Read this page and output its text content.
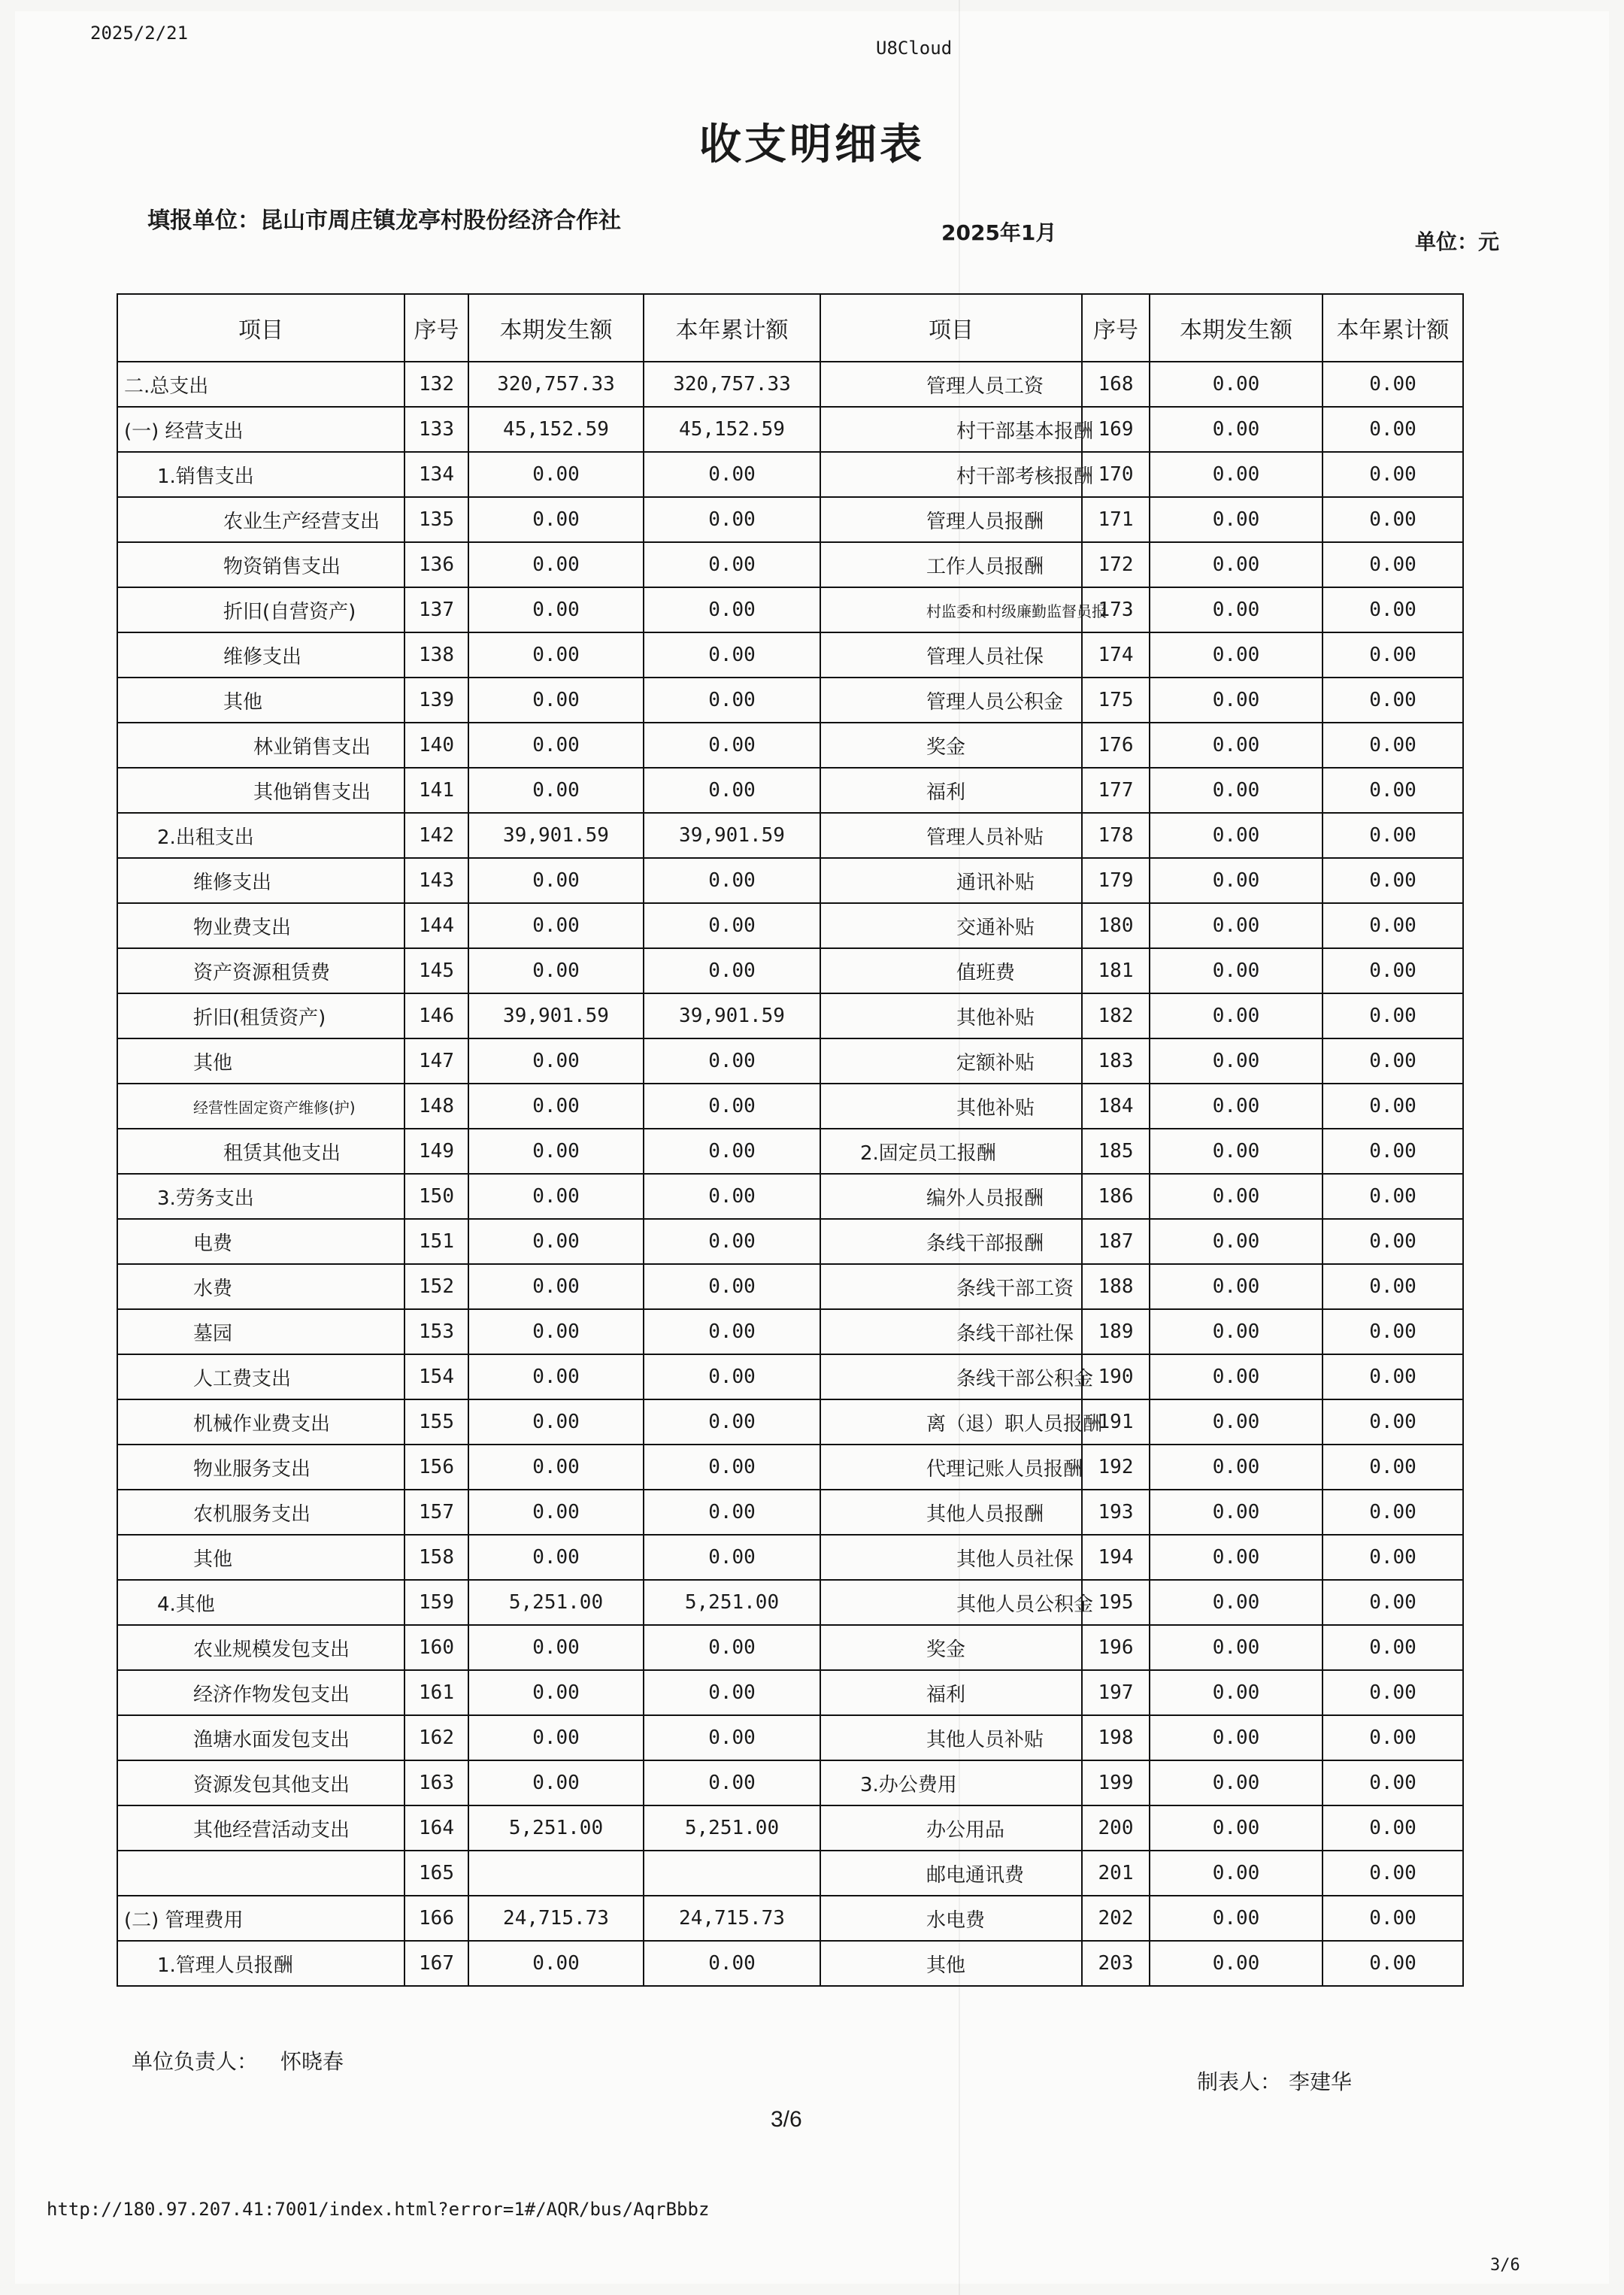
2025/2/21
U8Cloud
收支明细表
填报单位：昆山市周庄镇龙亭村股份经济合作社	2025年1月	单位：元
项目	序号	本期发生额	本年累计额	项目	序号	本期发生额	本年累计额
二.总支出	132	320,757.33	320,757.33	管理人员工资	168	0.00	0.00
(一) 经营支出	133	45,152.59	45,152.59	村干部基本报酬	169	0.00	0.00
1.销售支出	134	0.00	0.00	村干部考核报酬	170	0.00	0.00
农业生产经营支出	135	0.00	0.00	管理人员报酬	171	0.00	0.00
物资销售支出	136	0.00	0.00	工作人员报酬	172	0.00	0.00
折旧(自营资产)	137	0.00	0.00	村监委和村级廉勤监督员报	173	0.00	0.00
维修支出	138	0.00	0.00	管理人员社保	174	0.00	0.00
其他	139	0.00	0.00	管理人员公积金	175	0.00	0.00
林业销售支出	140	0.00	0.00	奖金	176	0.00	0.00
其他销售支出	141	0.00	0.00	福利	177	0.00	0.00
2.出租支出	142	39,901.59	39,901.59	管理人员补贴	178	0.00	0.00
维修支出	143	0.00	0.00	通讯补贴	179	0.00	0.00
物业费支出	144	0.00	0.00	交通补贴	180	0.00	0.00
资产资源租赁费	145	0.00	0.00	值班费	181	0.00	0.00
折旧(租赁资产)	146	39,901.59	39,901.59	其他补贴	182	0.00	0.00
其他	147	0.00	0.00	定额补贴	183	0.00	0.00
经营性固定资产维修(护)	148	0.00	0.00	其他补贴	184	0.00	0.00
租赁其他支出	149	0.00	0.00	2.固定员工报酬	185	0.00	0.00
3.劳务支出	150	0.00	0.00	编外人员报酬	186	0.00	0.00
电费	151	0.00	0.00	条线干部报酬	187	0.00	0.00
水费	152	0.00	0.00	条线干部工资	188	0.00	0.00
墓园	153	0.00	0.00	条线干部社保	189	0.00	0.00
人工费支出	154	0.00	0.00	条线干部公积金	190	0.00	0.00
机械作业费支出	155	0.00	0.00	离（退）职人员报酬	191	0.00	0.00
物业服务支出	156	0.00	0.00	代理记账人员报酬	192	0.00	0.00
农机服务支出	157	0.00	0.00	其他人员报酬	193	0.00	0.00
其他	158	0.00	0.00	其他人员社保	194	0.00	0.00
4.其他	159	5,251.00	5,251.00	其他人员公积金	195	0.00	0.00
农业规模发包支出	160	0.00	0.00	奖金	196	0.00	0.00
经济作物发包支出	161	0.00	0.00	福利	197	0.00	0.00
渔塘水面发包支出	162	0.00	0.00	其他人员补贴	198	0.00	0.00
资源发包其他支出	163	0.00	0.00	3.办公费用	199	0.00	0.00
其他经营活动支出	164	5,251.00	5,251.00	办公用品	200	0.00	0.00
	165			邮电通讯费	201	0.00	0.00
(二) 管理费用	166	24,715.73	24,715.73	水电费	202	0.00	0.00
1.管理人员报酬	167	0.00	0.00	其他	203	0.00	0.00
单位负责人： 怀晓春
制表人： 李建华
3/6
http://180.97.207.41:7001/index.html?error=1#/AQR/bus/AqrBbbz
3/6
